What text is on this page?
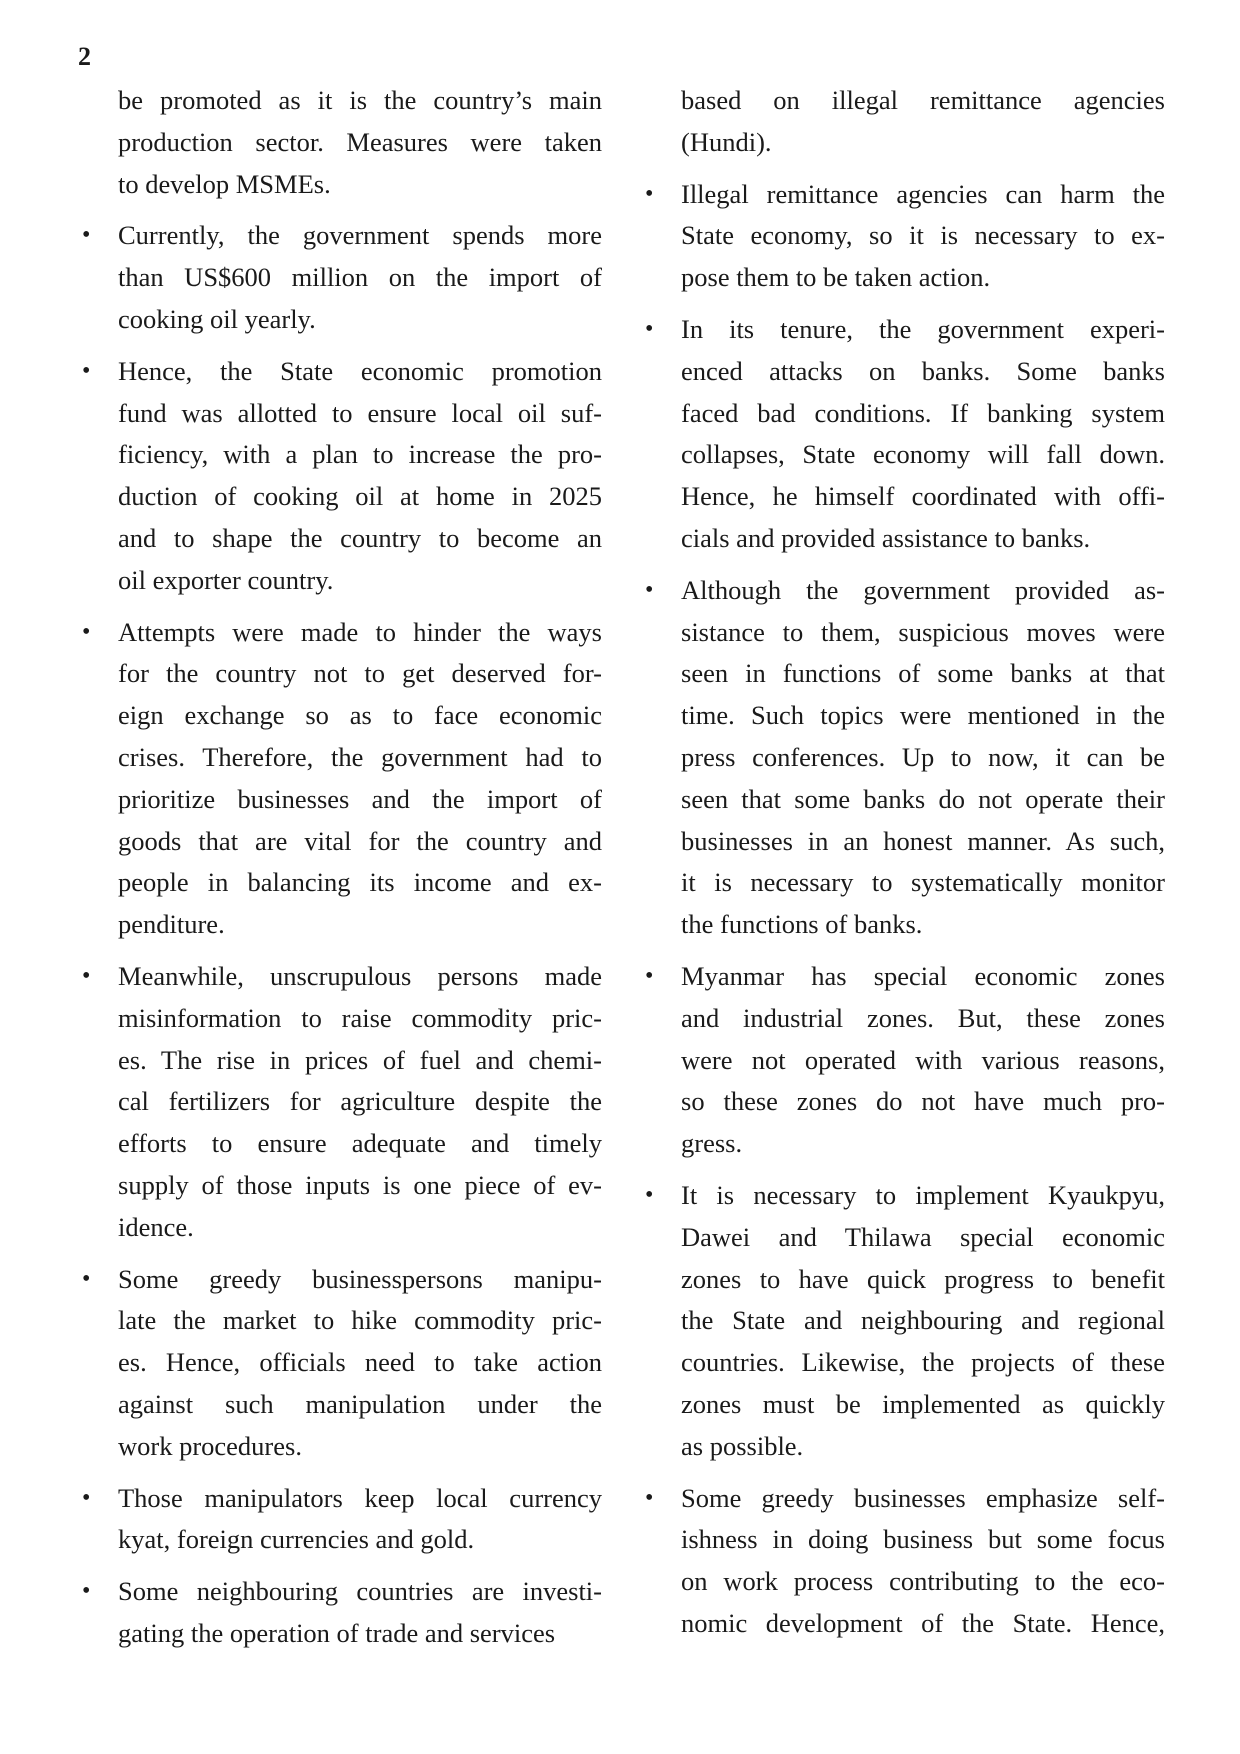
2
be promoted as it is the country’s main
production sector. Measures were taken
to develop MSMEs.
• Currently, the government spends more
than US$600 million on the import of
cooking oil yearly.
• Hence, the State economic promotion
fund was allotted to ensure local oil suf-
ficiency, with a plan to increase the pro-
duction of cooking oil at home in 2025
and to shape the country to become an
oil exporter country.
• Attempts were made to hinder the ways
for the country not to get deserved for-
eign exchange so as to face economic
crises. Therefore, the government had to
prioritize businesses and the import of
goods that are vital for the country and
people in balancing its income and ex-
penditure.
• Meanwhile, unscrupulous persons made
misinformation to raise commodity pric-
es. The rise in prices of fuel and chemi-
cal fertilizers for agriculture despite the
efforts to ensure adequate and timely
supply of those inputs is one piece of ev-
idence.
• Some greedy businesspersons manipu-
late the market to hike commodity pric-
es. Hence, officials need to take action
against such manipulation under the
work procedures.
• Those manipulators keep local currency
kyat, foreign currencies and gold.
• Some neighbouring countries are investi-
gating the operation of trade and services
based on illegal remittance agencies
(Hundi).
• Illegal remittance agencies can harm the
State economy, so it is necessary to ex-
pose them to be taken action.
• In its tenure, the government experi-
enced attacks on banks. Some banks
faced bad conditions. If banking system
collapses, State economy will fall down.
Hence, he himself coordinated with offi-
cials and provided assistance to banks.
• Although the government provided as-
sistance to them, suspicious moves were
seen in functions of some banks at that
time. Such topics were mentioned in the
press conferences. Up to now, it can be
seen that some banks do not operate their
businesses in an honest manner. As such,
it is necessary to systematically monitor
the functions of banks.
• Myanmar has special economic zones
and industrial zones. But, these zones
were not operated with various reasons,
so these zones do not have much pro-
gress.
• It is necessary to implement Kyaukpyu,
Dawei and Thilawa special economic
zones to have quick progress to benefit
the State and neighbouring and regional
countries. Likewise, the projects of these
zones must be implemented as quickly
as possible.
• Some greedy businesses emphasize self-
ishness in doing business but some focus
on work process contributing to the eco-
nomic development of the State. Hence,
